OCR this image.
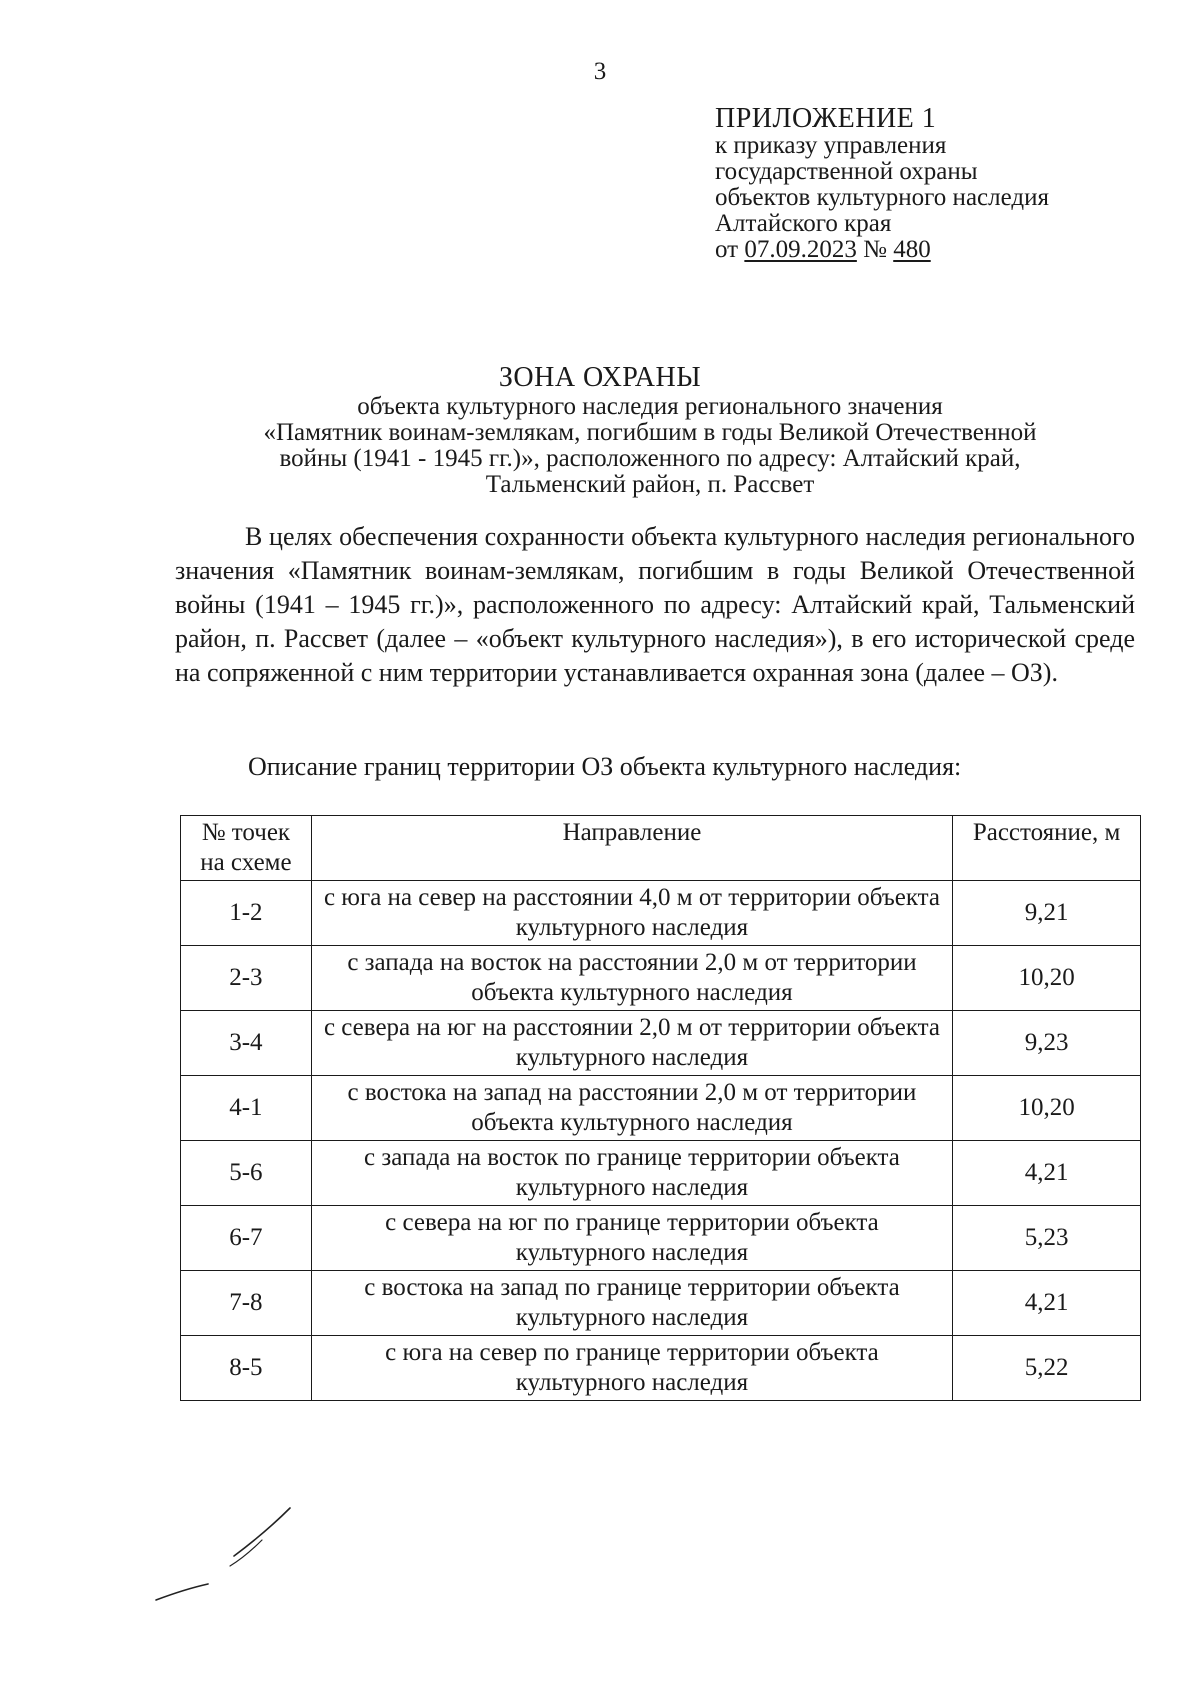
3
ПРИЛОЖЕНИЕ 1
к приказу управления
государственной охраны
объектов культурного наследия
Алтайского края
от 07.09.2023 № 480
ЗОНА ОХРАНЫ
объекта культурного наследия регионального значения
«Памятник воинам-землякам, погибшим в годы Великой Отечественной
войны (1941 - 1945 гг.)», расположенного по адресу: Алтайский край,
Тальменский район, п. Рассвет

В целях обеспечения сохранности объекта культурного наследия регионального значения «Памятник воинам-землякам, погибшим в годы Великой Отечественной войны (1941 – 1945 гг.)», расположенного по адресу: Алтайский край, Тальменский район, п. Рассвет (далее – «объект культурного наследия»), в его исторической среде на сопряженной с ним территории устанавливается охранная зона (далее – ОЗ).

Описание границ территории ОЗ объекта культурного наследия:
№ точек на схеме	Направление	Расстояние, м
1-2	с юга на север на расстоянии 4,0 м от территории объекта культурного наследия	9,21
2-3	с запада на восток на расстоянии 2,0 м от территории объекта культурного наследия	10,20
3-4	с севера на юг на расстоянии 2,0 м от территории объекта культурного наследия	9,23
4-1	с востока на запад на расстоянии 2,0 м от территории объекта культурного наследия	10,20
5-6	с запада на восток по границе территории объекта культурного наследия	4,21
6-7	с севера на юг по границе территории объекта культурного наследия	5,23
7-8	с востока на запад по границе территории объекта культурного наследия	4,21
8-5	с юга на север по границе территории объекта культурного наследия	5,22
